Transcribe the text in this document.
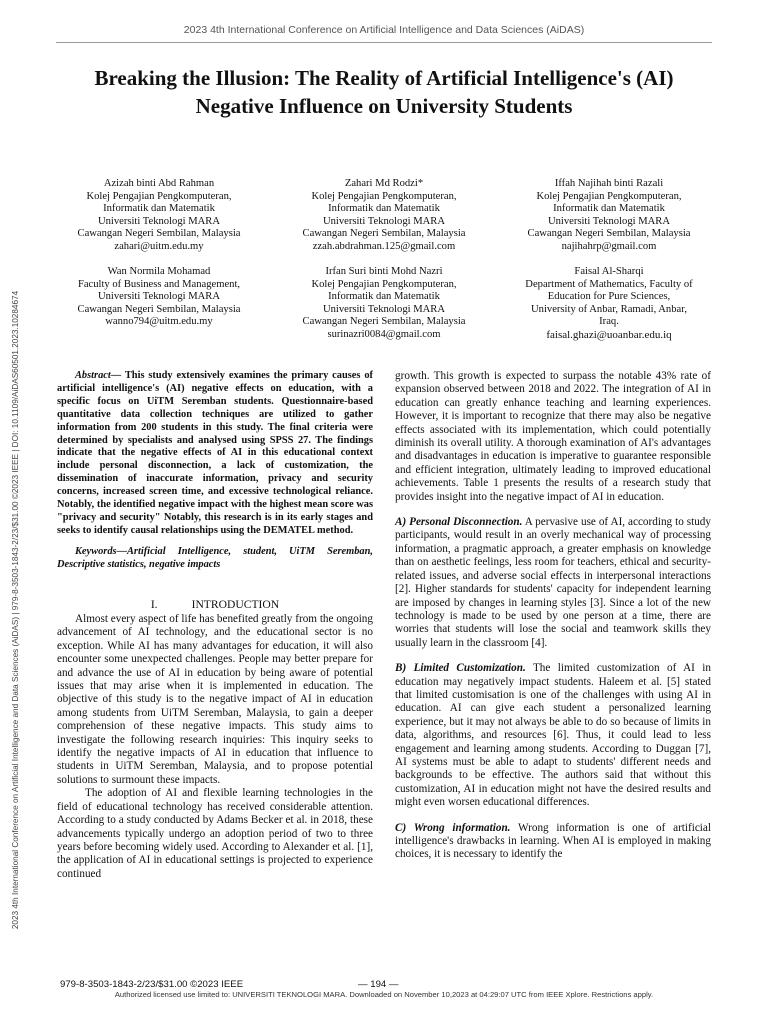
2023 4th International Conference on Artificial Intelligence and Data Sciences (AiDAS)
Breaking the Illusion: The Reality of Artificial Intelligence's (AI) Negative Influence on University Students
Azizah binti Abd Rahman
Kolej Pengajian Pengkomputeran,
Informatik dan Matematik
Universiti Teknologi MARA
Cawangan Negeri Sembilan, Malaysia
zahari@uitm.edu.my
Zahari Md Rodzi*
Kolej Pengajian Pengkomputeran,
Informatik dan Matematik
Universiti Teknologi MARA
Cawangan Negeri Sembilan, Malaysia
zzah.abdrahman.125@gmail.com
Iffah Najihah binti Razali
Kolej Pengajian Pengkomputeran,
Informatik dan Matematik
Universiti Teknologi MARA
Cawangan Negeri Sembilan, Malaysia
najihahrp@gmail.com
Wan Normila Mohamad
Faculty of Business and Management,
Universiti Teknologi MARA
Cawangan Negeri Sembilan, Malaysia
wanno794@uitm.edu.my
Irfan Suri binti Mohd Nazri
Kolej Pengajian Pengkomputeran,
Informatik dan Matematik
Universiti Teknologi MARA
Cawangan Negeri Sembilan, Malaysia
surinazri0084@gmail.com
Faisal Al-Sharqi
Department of Mathematics, Faculty of
Education for Pure Sciences,
University of Anbar, Ramadi, Anbar,
Iraq.
faisal.ghazi@uoanbar.edu.iq
2023 4th International Conference on Artificial Intelligence and Data Sciences (AiDAS) | 979-8-3503-1843-2/23/$31.00 ©2023 IEEE | DOI: 10.1109/AiDAS60501.2023.10284674	Abstract— This study extensively examines the primary causes of artificial intelligence's (AI) negative effects on education, with a specific focus on UiTM Seremban students. Questionnaire-based quantitative data collection techniques are utilized to gather information from 200 students in this study. The final criteria were determined by specialists and analysed using SPSS 27. The findings indicate that the negative effects of AI in this educational context include personal disconnection, a lack of customization, the dissemination of inaccurate information, privacy and security concerns, increased screen time, and excessive technological reliance. Notably, the identified negative impact with the highest mean score was "privacy and security" Notably, this research is in its early stages and seeks to identify causal relationships using the DEMATEL method.

Keywords—Artificial Intelligence, student, UiTM Seremban, Descriptive statistics, negative impacts

I.	INTRODUCTION

Almost every aspect of life has benefited greatly from the ongoing advancement of AI technology, and the educational sector is no exception. While AI has many advantages for education, it will also encounter some unexpected challenges. People may better prepare for and advance the use of AI in education by being aware of potential issues that may arise when it is implemented in education. The objective of this study is to the negative impact of AI in education among students from UiTM Seremban, Malaysia, to gain a deeper comprehension of these negative impacts. This study aims to investigate the following research inquiries: This inquiry seeks to identify the negative impacts of AI in education that influence to students in UiTM Seremban, Malaysia, and to propose potential solutions to surmount these impacts.

The adoption of AI and flexible learning technologies in the field of educational technology has received considerable attention. According to a study conducted by Adams Becker et al. in 2018, these advancements typically undergo an adoption period of two to three years before becoming widely used. According to Alexander et al. [1], the application of AI in educational settings is projected to experience continued

growth. This growth is expected to surpass the notable 43% rate of expansion observed between 2018 and 2022. The integration of AI in education can greatly enhance teaching and learning experiences. However, it is important to recognize that there may also be negative effects associated with its implementation, which could potentially diminish its overall utility. A thorough examination of AI's advantages and disadvantages in education is imperative to guarantee responsible and efficient integration, ultimately leading to improved educational achievements. Table 1 presents the results of a research study that provides insight into the negative impact of AI in education.

A) Personal Disconnection. A pervasive use of AI, according to study participants, would result in an overly mechanical way of processing information, a pragmatic approach, a greater emphasis on knowledge than on aesthetic feelings, less room for teachers, ethical and security-related issues, and adverse social effects in interpersonal interactions [2]. Higher standards for students' capacity for independent learning are imposed by changes in learning styles [3]. Since a lot of the new technology is made to be used by one person at a time, there are worries that students will lose the social and teamwork skills they usually learn in the classroom [4].

B) Limited Customization. The limited customization of AI in education may negatively impact students. Haleem et al. [5] stated that limited customisation is one of the challenges with using AI in education. AI can give each student a personalized learning experience, but it may not always be able to do so because of limits in data, algorithms, and resources [6]. Thus, it could lead to less engagement and learning among students. According to Duggan [7], AI systems must be able to adapt to students' different needs and backgrounds to be effective. The authors said that without this customization, AI in education might not have the desired results and might even worsen educational differences.

C) Wrong information. Wrong information is one of artificial intelligence's drawbacks in learning. When AI is employed in making choices, it is necessary to identify the

979-8-3503-1843-2/23/$31.00 ©2023 IEEE	— 194 —
Authorized licensed use limited to: UNIVERSITI TEKNOLOGI MARA. Downloaded on November 10,2023 at 04:29:07 UTC from IEEE Xplore. Restrictions apply.
